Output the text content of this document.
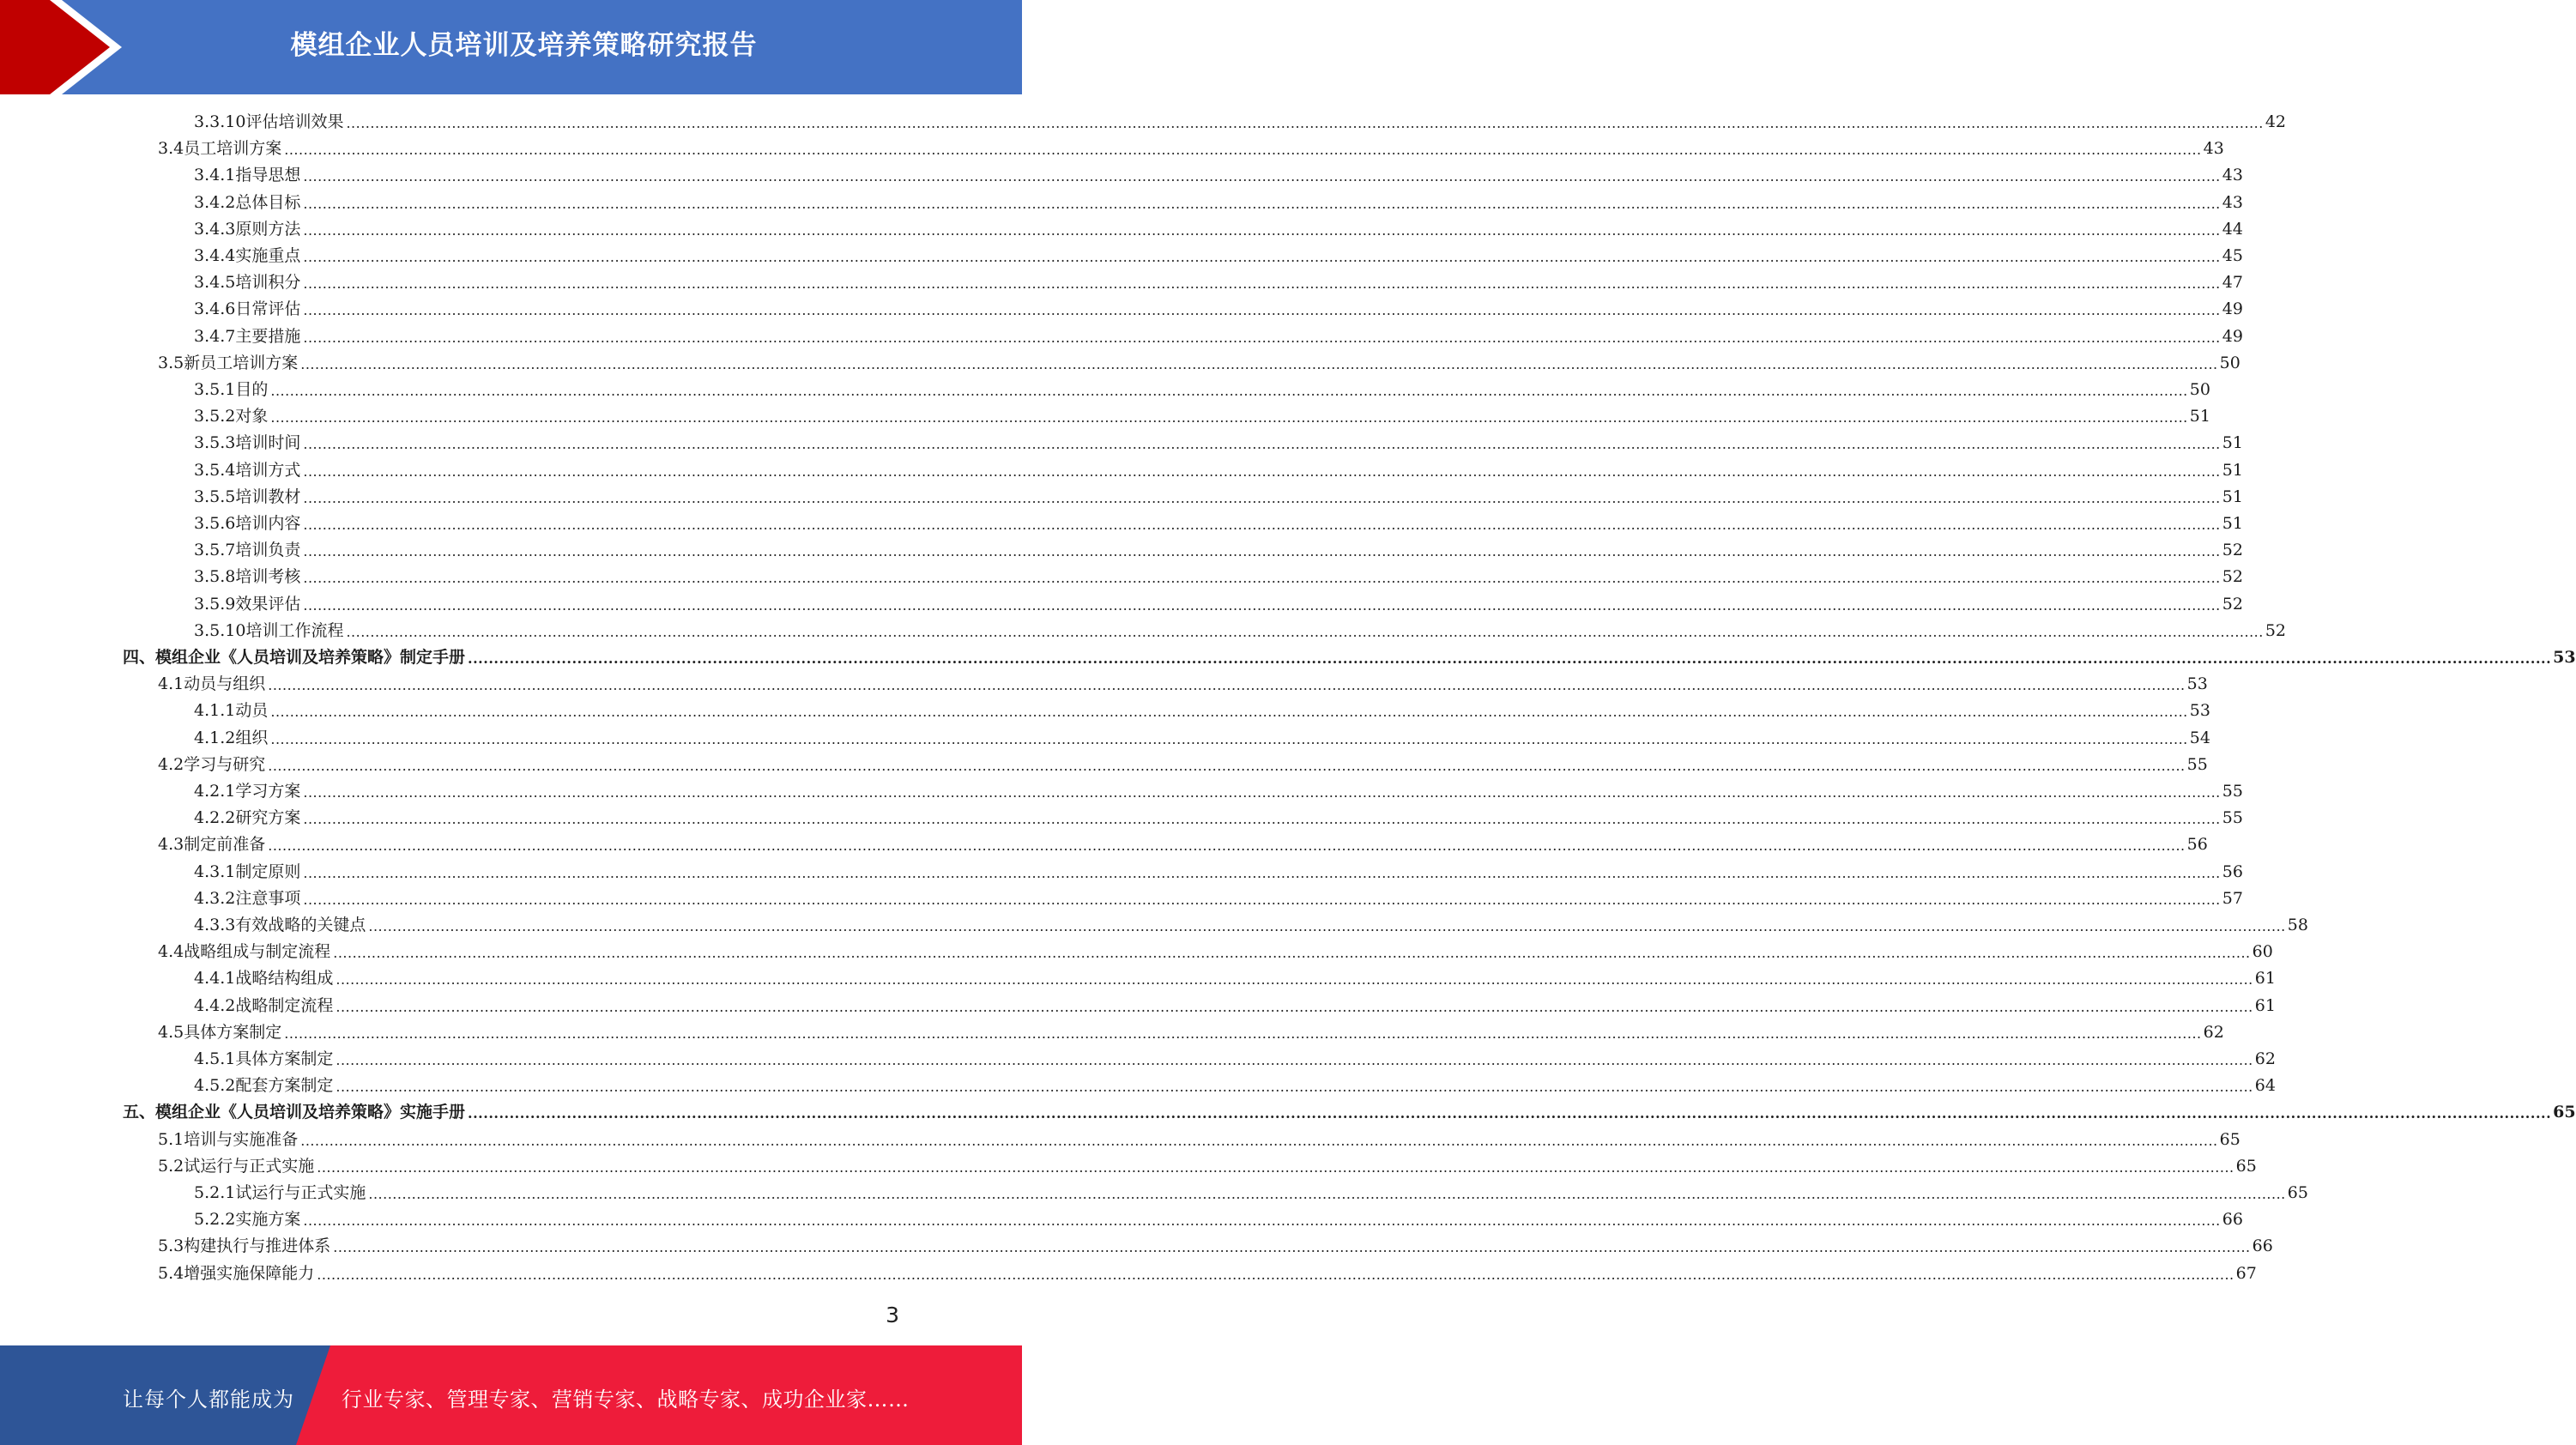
模组企业人员培训及培养策略研究报告
3.3.10 评估培训效果 ................................................................................................................................................................................................................................................................................................................................................................................................................ 42
3.4 员工培训方案 ................................................................................................................................................................................................................................................................................................................................................................................................................ 43
3.4.1 指导思想 ................................................................................................................................................................................................................................................................................................................................................................................................................ 43
3.4.2 总体目标 ................................................................................................................................................................................................................................................................................................................................................................................................................ 43
3.4.3 原则方法 ................................................................................................................................................................................................................................................................................................................................................................................................................ 44
3.4.4 实施重点 ................................................................................................................................................................................................................................................................................................................................................................................................................ 45
3.4.5 培训积分 ................................................................................................................................................................................................................................................................................................................................................................................................................ 47
3.4.6 日常评估 ................................................................................................................................................................................................................................................................................................................................................................................................................ 49
3.4.7 主要措施 ................................................................................................................................................................................................................................................................................................................................................................................................................ 49
3.5 新员工培训方案 ................................................................................................................................................................................................................................................................................................................................................................................................................ 50
3.5.1 目的 ................................................................................................................................................................................................................................................................................................................................................................................................................ 50
3.5.2 对象 ................................................................................................................................................................................................................................................................................................................................................................................................................ 51
3.5.3 培训时间 ................................................................................................................................................................................................................................................................................................................................................................................................................ 51
3.5.4 培训方式 ................................................................................................................................................................................................................................................................................................................................................................................................................ 51
3.5.5 培训教材 ................................................................................................................................................................................................................................................................................................................................................................................................................ 51
3.5.6 培训内容 ................................................................................................................................................................................................................................................................................................................................................................................................................ 51
3.5.7 培训负责 ................................................................................................................................................................................................................................................................................................................................................................................................................ 52
3.5.8 培训考核 ................................................................................................................................................................................................................................................................................................................................................................................................................ 52
3.5.9 效果评估 ................................................................................................................................................................................................................................................................................................................................................................................................................ 52
3.5.10 培训工作流程 ................................................................................................................................................................................................................................................................................................................................................................................................................ 52
四、 模组企业《人员培训及培养策略》制定手册 ................................................................................................................................................................................................................................................................................................................................................................................................................ 53
4.1 动员与组织 ................................................................................................................................................................................................................................................................................................................................................................................................................ 53
4.1.1 动员 ................................................................................................................................................................................................................................................................................................................................................................................................................ 53
4.1.2 组织 ................................................................................................................................................................................................................................................................................................................................................................................................................ 54
4.2 学习与研究 ................................................................................................................................................................................................................................................................................................................................................................................................................ 55
4.2.1 学习方案 ................................................................................................................................................................................................................................................................................................................................................................................................................ 55
4.2.2 研究方案 ................................................................................................................................................................................................................................................................................................................................................................................................................ 55
4.3 制定前准备 ................................................................................................................................................................................................................................................................................................................................................................................................................ 56
4.3.1 制定原则 ................................................................................................................................................................................................................................................................................................................................................................................................................ 56
4.3.2 注意事项 ................................................................................................................................................................................................................................................................................................................................................................................................................ 57
4.3.3 有效战略的关键点 ................................................................................................................................................................................................................................................................................................................................................................................................................ 58
4.4 战略组成与制定流程 ................................................................................................................................................................................................................................................................................................................................................................................................................ 60
4.4.1 战略结构组成 ................................................................................................................................................................................................................................................................................................................................................................................................................ 61
4.4.2 战略制定流程 ................................................................................................................................................................................................................................................................................................................................................................................................................ 61
4.5 具体方案制定 ................................................................................................................................................................................................................................................................................................................................................................................................................ 62
4.5.1 具体方案制定 ................................................................................................................................................................................................................................................................................................................................................................................................................ 62
4.5.2 配套方案制定 ................................................................................................................................................................................................................................................................................................................................................................................................................ 64
五、 模组企业《人员培训及培养策略》实施手册 ................................................................................................................................................................................................................................................................................................................................................................................................................ 65
5.1 培训与实施准备 ................................................................................................................................................................................................................................................................................................................................................................................................................ 65
5.2 试运行与正式实施 ................................................................................................................................................................................................................................................................................................................................................................................................................ 65
5.2.1 试运行与正式实施 ................................................................................................................................................................................................................................................................................................................................................................................................................ 65
5.2.2 实施方案 ................................................................................................................................................................................................................................................................................................................................................................................................................ 66
5.3 构建执行与推进体系 ................................................................................................................................................................................................................................................................................................................................................................................................................ 66
5.4 增强实施保障能力 ................................................................................................................................................................................................................................................................................................................................................................................................................ 67
3
让每个人都能成为 行业专家、管理专家、营销专家、战略专家、成功企业家……
